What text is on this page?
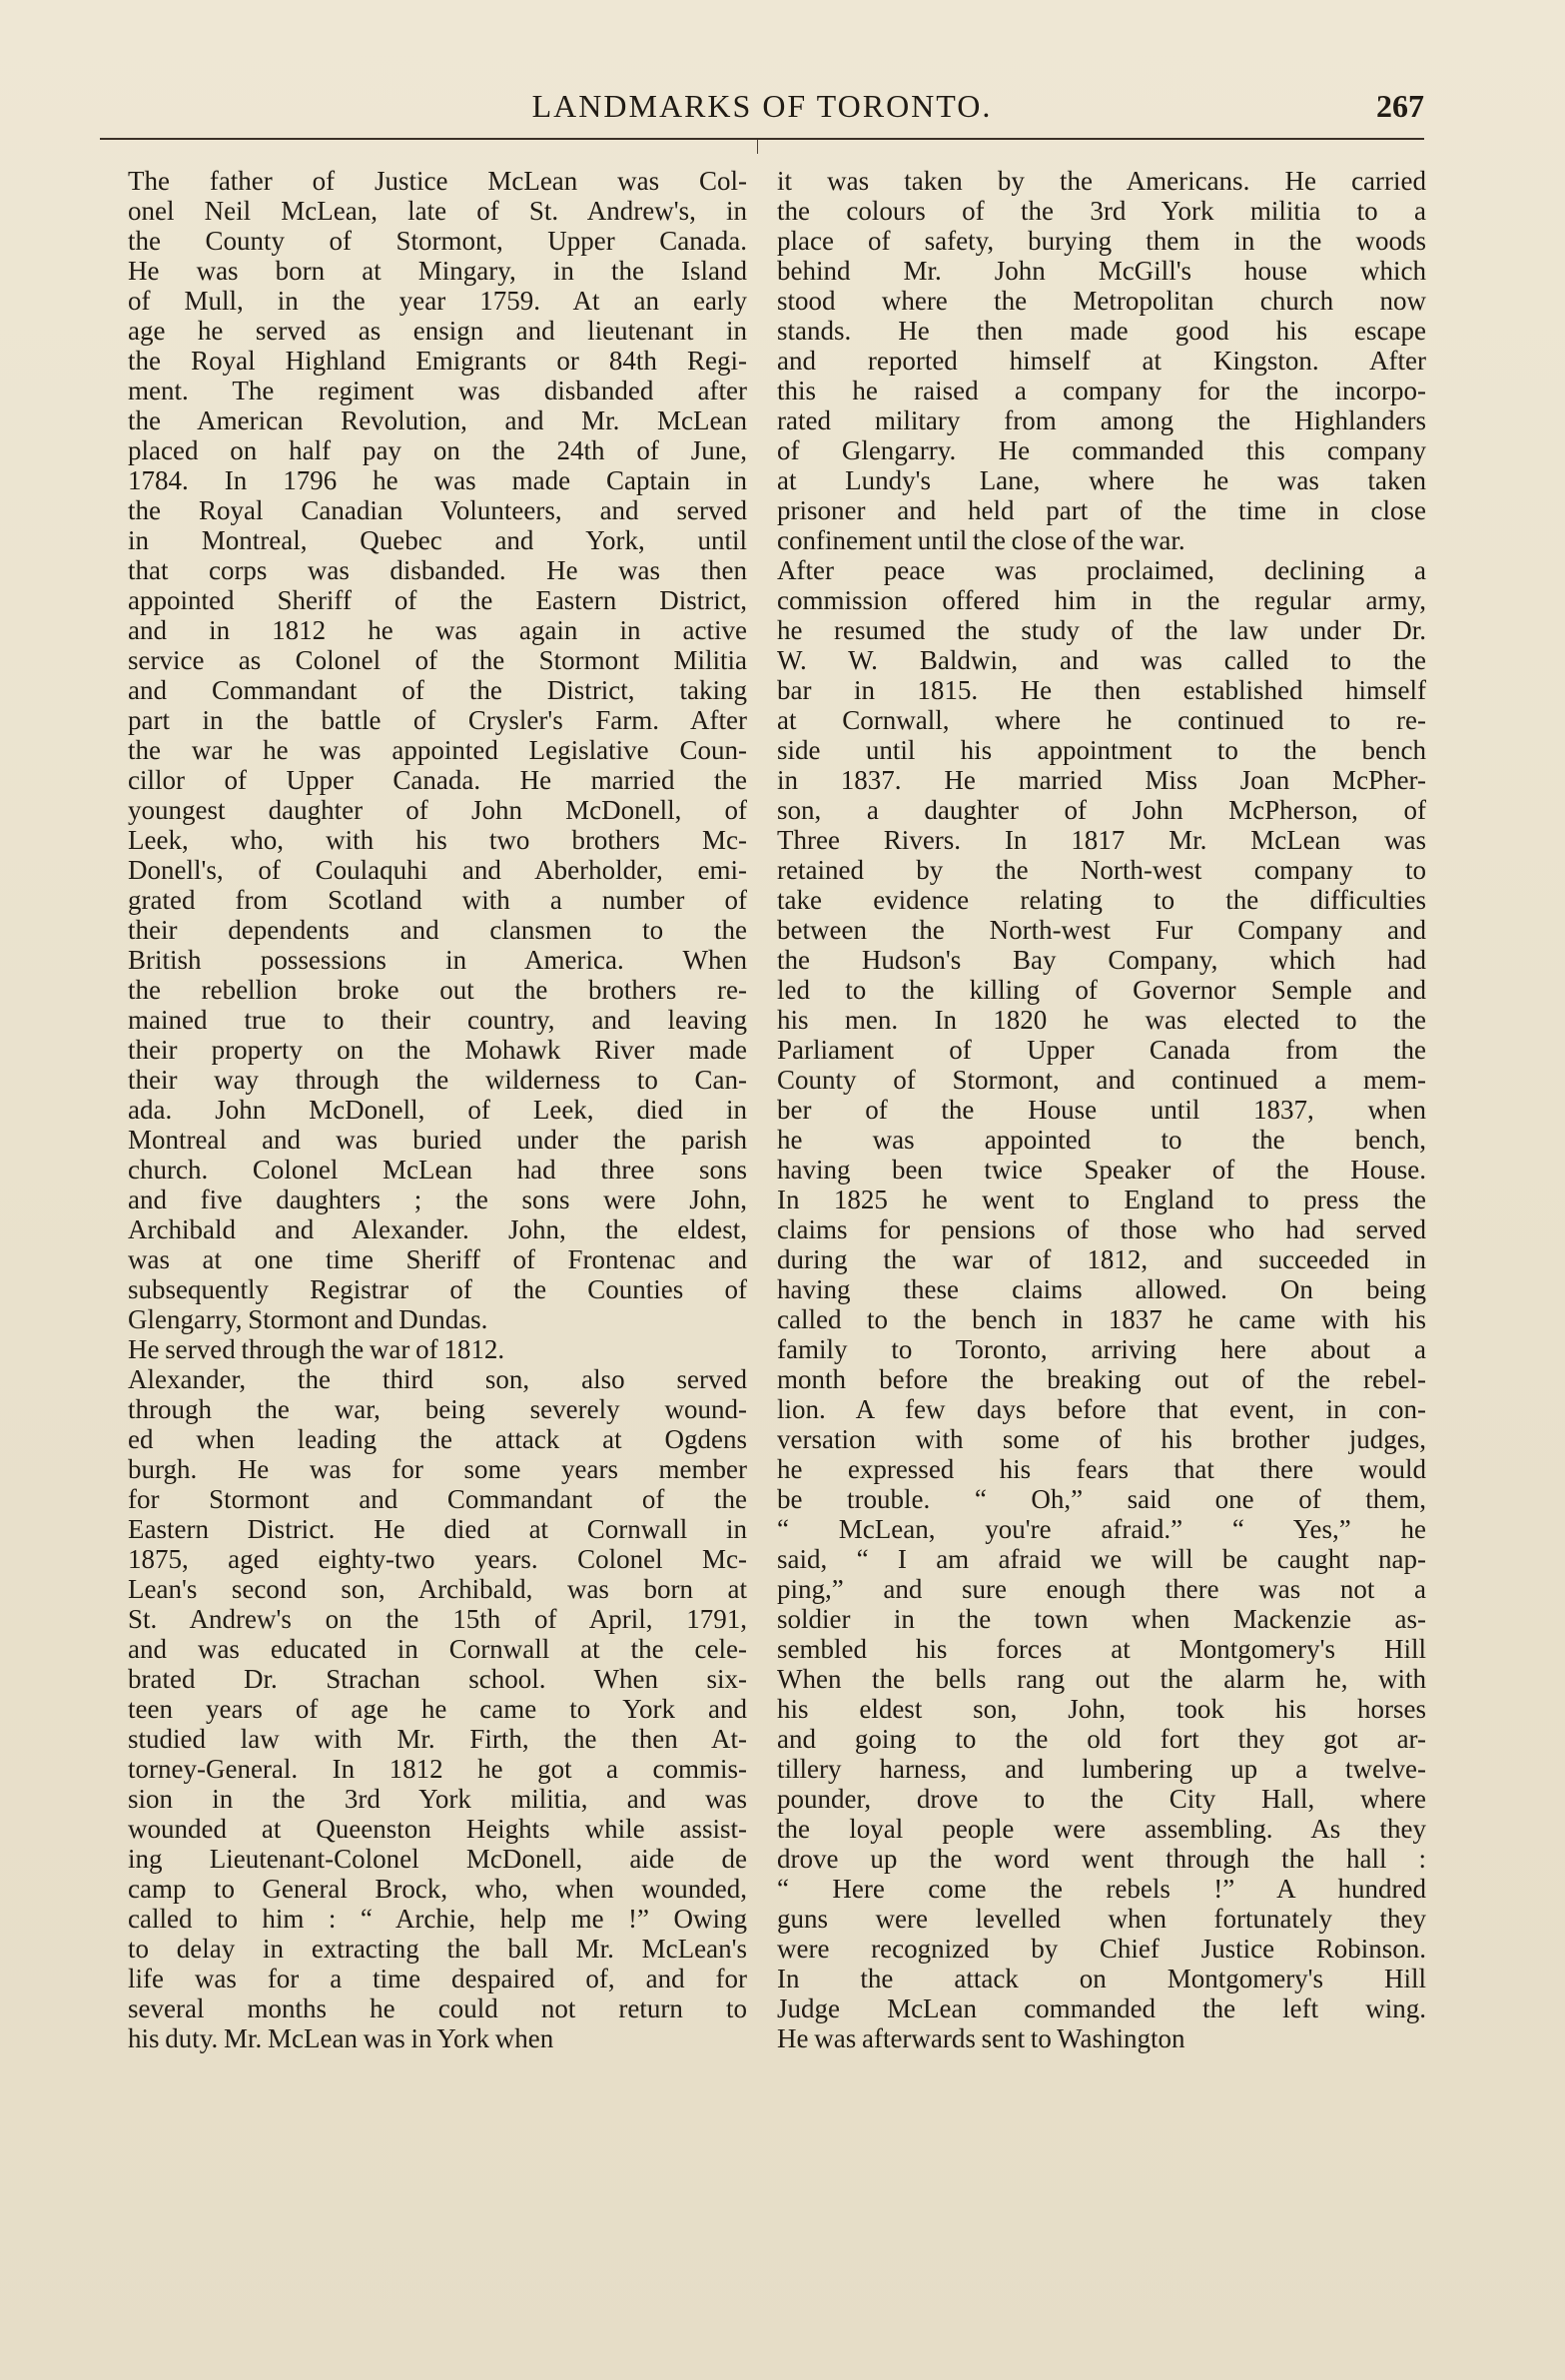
LANDMARKS OF TORONTO.	267
The father of Justice McLean was Col-
onel Neil McLean, late of St. Andrew's, in
the County of Stormont, Upper Canada.
He was born at Mingary, in the Island
of Mull, in the year 1759. At an early
age he served as ensign and lieutenant in
the Royal Highland Emigrants or 84th Regi-
ment. The regiment was disbanded after
the American Revolution, and Mr. McLean
placed on half pay on the 24th of June,
1784. In 1796 he was made Captain in
the Royal Canadian Volunteers, and served
in Montreal, Quebec and York, until
that corps was disbanded. He was then
appointed Sheriff of the Eastern District,
and in 1812 he was again in active
service as Colonel of the Stormont Militia
and Commandant of the District, taking
part in the battle of Crysler's Farm. After
the war he was appointed Legislative Coun-
cillor of Upper Canada. He married the
youngest daughter of John McDonell, of
Leek, who, with his two brothers Mc-
Donell's, of Coulaquhi and Aberholder, emi-
grated from Scotland with a number of
their dependents and clansmen to the
British possessions in America. When
the rebellion broke out the brothers re-
mained true to their country, and leaving
their property on the Mohawk River made
their way through the wilderness to Can-
ada. John McDonell, of Leek, died in
Montreal and was buried under the parish
church. Colonel McLean had three sons
and five daughters ; the sons were John,
Archibald and Alexander. John, the eldest,
was at one time Sheriff of Frontenac and
subsequently Registrar of the Counties of
Glengarry, Stormont and Dundas.
He served through the war of 1812.
Alexander, the third son, also served
through the war, being severely wound-
ed when leading the attack at Ogdens
burgh. He was for some years member
for Stormont and Commandant of the
Eastern District. He died at Cornwall in
1875, aged eighty-two years. Colonel Mc-
Lean's second son, Archibald, was born at
St. Andrew's on the 15th of April, 1791,
and was educated in Cornwall at the cele-
brated Dr. Strachan school. When six-
teen years of age he came to York and
studied law with Mr. Firth, the then At-
torney-General. In 1812 he got a commis-
sion in the 3rd York militia, and was
wounded at Queenston Heights while assist-
ing Lieutenant-Colonel McDonell, aide de
camp to General Brock, who, when wounded,
called to him : “ Archie, help me !” Owing
to delay in extracting the ball Mr. McLean's
life was for a time despaired of, and for
several months he could not return to
his duty. Mr. McLean was in York when
it was taken by the Americans. He carried
the colours of the 3rd York militia to a
place of safety, burying them in the woods
behind Mr. John McGill's house which
stood where the Metropolitan church now
stands. He then made good his escape
and reported himself at Kingston. After
this he raised a company for the incorpo-
rated military from among the Highlanders
of Glengarry. He commanded this company
at Lundy's Lane, where he was taken
prisoner and held part of the time in close
confinement until the close of the war.
After peace was proclaimed, declining a
commission offered him in the regular army,
he resumed the study of the law under Dr.
W. W. Baldwin, and was called to the
bar in 1815. He then established himself
at Cornwall, where he continued to re-
side until his appointment to the bench
in 1837. He married Miss Joan McPher-
son, a daughter of John McPherson, of
Three Rivers. In 1817 Mr. McLean was
retained by the North-west company to
take evidence relating to the difficulties
between the North-west Fur Company and
the Hudson's Bay Company, which had
led to the killing of Governor Semple and
his men. In 1820 he was elected to the
Parliament of Upper Canada from the
County of Stormont, and continued a mem-
ber of the House until 1837, when
he was appointed to the bench,
having been twice Speaker of the House.
In 1825 he went to England to press the
claims for pensions of those who had served
during the war of 1812, and succeeded in
having these claims allowed. On being
called to the bench in 1837 he came with his
family to Toronto, arriving here about a
month before the breaking out of the rebel-
lion. A few days before that event, in con-
versation with some of his brother judges,
he expressed his fears that there would
be trouble. “ Oh,” said one of them,
“ McLean, you're afraid.” “ Yes,” he
said, “ I am afraid we will be caught nap-
ping,” and sure enough there was not a
soldier in the town when Mackenzie as-
sembled his forces at Montgomery's Hill
When the bells rang out the alarm he, with
his eldest son, John, took his horses
and going to the old fort they got ar-
tillery harness, and lumbering up a twelve-
pounder, drove to the City Hall, where
the loyal people were assembling. As they
drove up the word went through the hall :
“ Here come the rebels !” A hundred
guns were levelled when fortunately they
were recognized by Chief Justice Robinson.
In the attack on Montgomery's Hill
Judge McLean commanded the left wing.
He was afterwards sent to Washington
